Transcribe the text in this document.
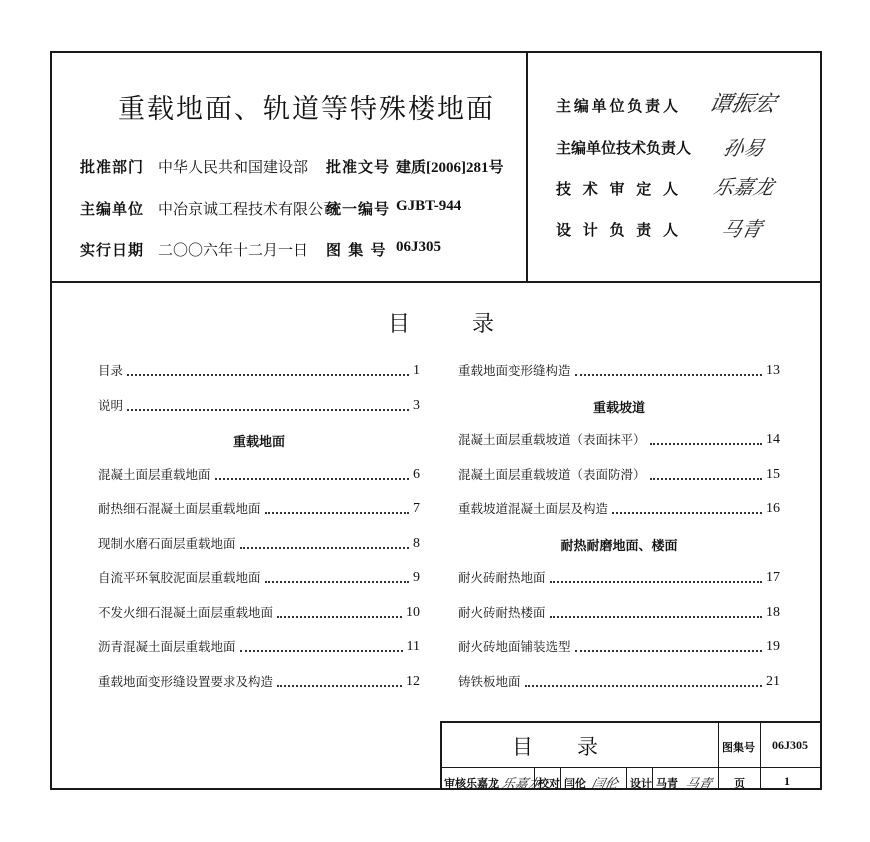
重载地面、轨道等特殊楼地面
批准部门 中华人民共和国建设部 批准文号 建质[2006]281号
主编单位 中冶京诚工程技术有限公司
统一编号 GJBT-944
实行日期 二〇〇六年十二月一日 图 集 号 06J305
主编单位负责人 谭振宏
主编单位技术负责人 孙易
技术审定人 乐嘉龙
设计负责人 马青
目录
目录	1
说明	3
重载地面
混凝土面层重载地面	6
耐热细石混凝土面层重载地面	7
现制水磨石面层重载地面	8
自流平环氧胶泥面层重载地面	9
不发火细石混凝土面层重载地面	10
沥青混凝土面层重载地面	11
重载地面变形缝设置要求及构造	12
重载地面变形缝构造	13
重载坡道
混凝土面层重载坡道（表面抹平）	14
混凝土面层重载坡道（表面防滑）	15
重载坡道混凝土面层及构造	16
耐热耐磨地面、楼面
耐火砖耐热地面	17
耐火砖耐热楼面	18
耐火砖地面铺装选型	19
铸铁板地面	21
目录	图集号 06J305
审核 乐嘉龙 乐嘉龙
校对 闫伦 闫伦 设计 马青 马青 页	1
